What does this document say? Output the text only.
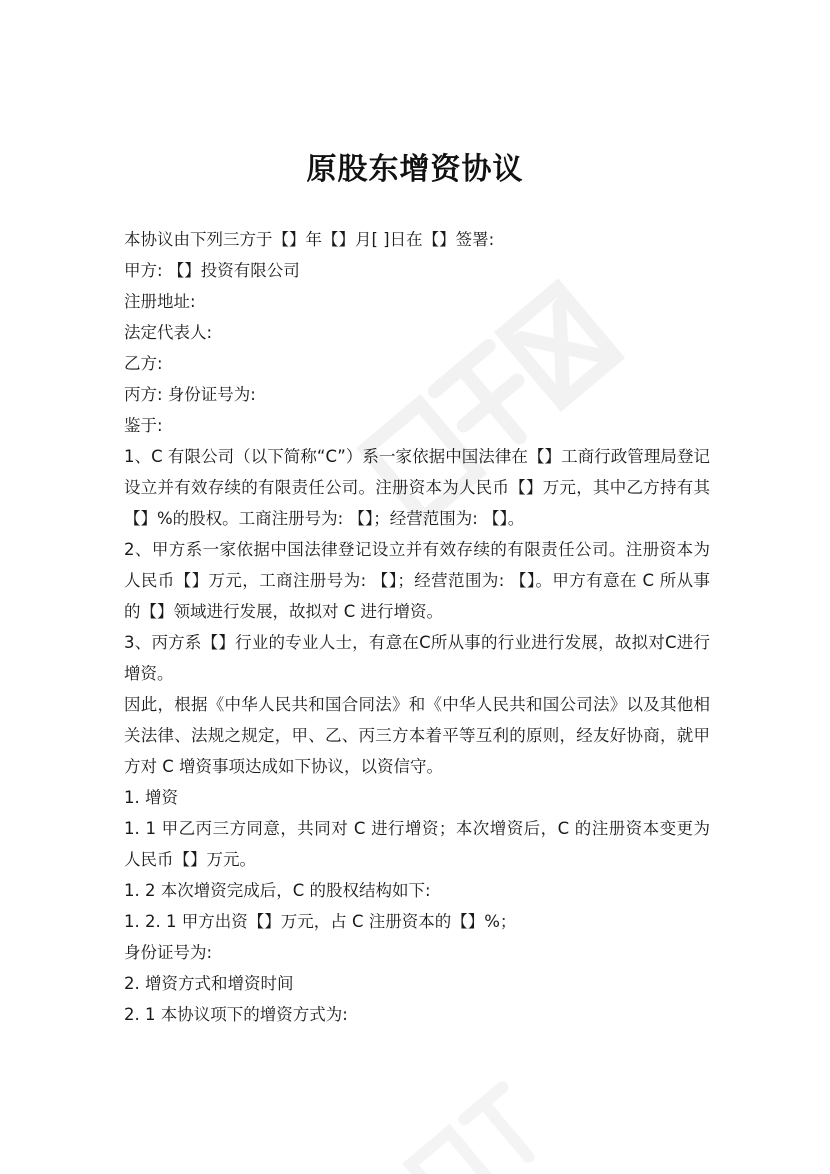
原股东增资协议

本协议由下列三方于【】年【】月[ ]日在【】签署:

甲方: 【】投资有限公司

注册地址:

法定代表人:

乙方:

丙方: 身份证号为:

鉴于:

1、C 有限公司（以下简称“C”）系一家依据中国法律在【】工商行政管理局登记设立并有效存续的有限责任公司。注册资本为人民币【】万元，其中乙方持有其【】%的股权。工商注册号为: 【】；经营范围为: 【】。

2、甲方系一家依据中国法律登记设立并有效存续的有限责任公司。注册资本为人民币【】万元，工商注册号为: 【】；经营范围为: 【】。甲方有意在 C 所从事的【】领域进行发展，故拟对 C 进行增资。

3、丙方系【】行业的专业人士，有意在C所从事的行业进行发展，故拟对C进行增资。

因此，根据《中华人民共和国合同法》和《中华人民共和国公司法》以及其他相关法律、法规之规定，甲、乙、丙三方本着平等互利的原则，经友好协商，就甲方对 C 增资事项达成如下协议，以资信守。

1. 增资

1. 1 甲乙丙三方同意，共同对 C 进行增资；本次增资后，C 的注册资本变更为人民币【】万元。

1. 2 本次增资完成后，C 的股权结构如下:

1. 2. 1 甲方出资【】万元，占 C 注册资本的【】%；

身份证号为:

2. 增资方式和增资时间

2. 1 本协议项下的增资方式为:
